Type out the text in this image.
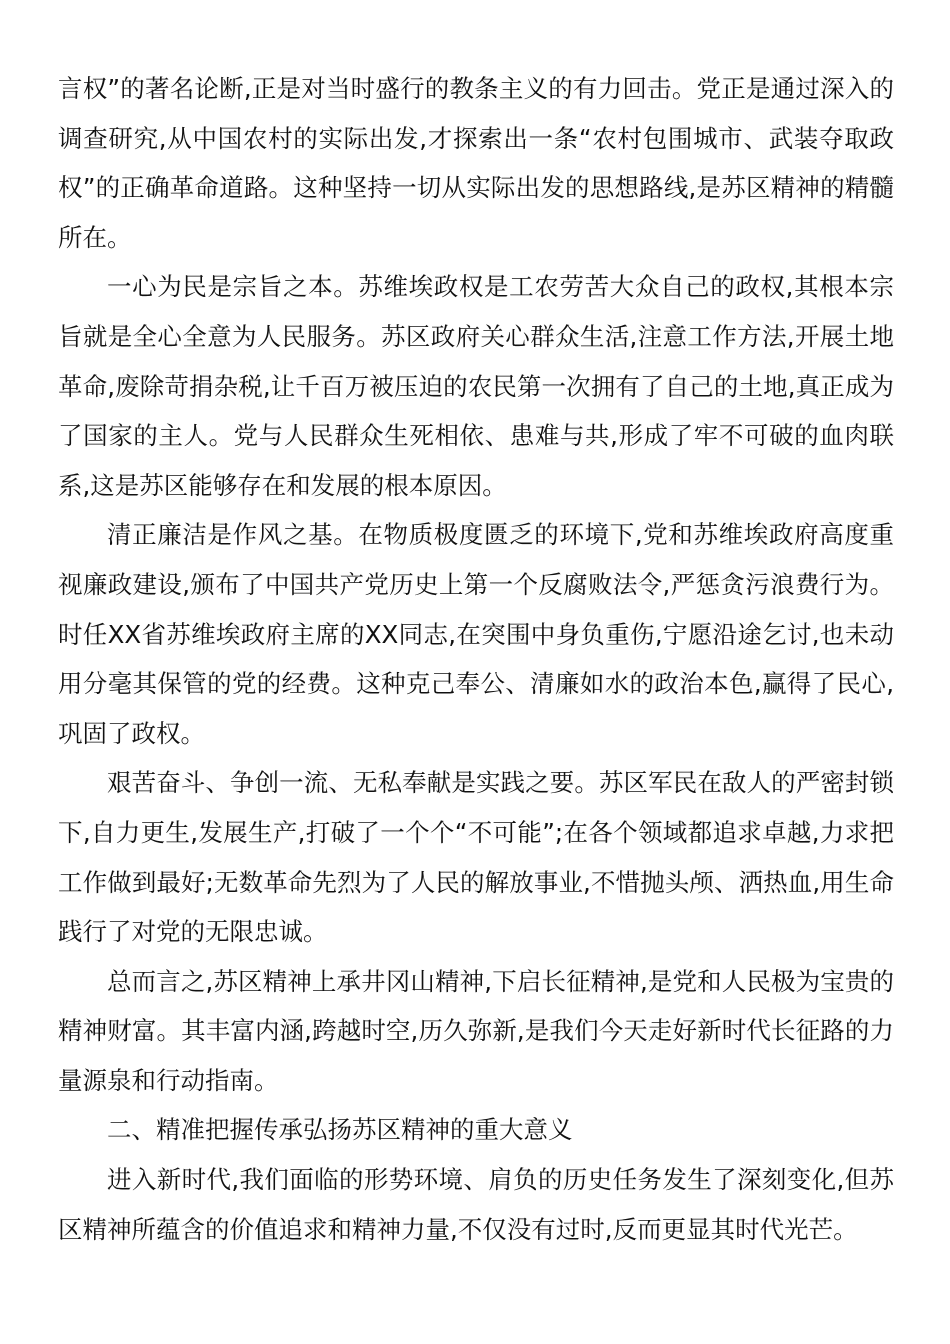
言权”的著名论断,正是对当时盛行的教条主义的有力回击。党正是通过深入的调查研究,从中国农村的实际出发,才探索出一条“农村包围城市、武装夺取政权”的正确革命道路。这种坚持一切从实际出发的思想路线,是苏区精神的精髓所在。

一心为民是宗旨之本。苏维埃政权是工农劳苦大众自己的政权,其根本宗旨就是全心全意为人民服务。苏区政府关心群众生活,注意工作方法,开展土地革命,废除苛捐杂税,让千百万被压迫的农民第一次拥有了自己的土地,真正成为了国家的主人。党与人民群众生死相依、患难与共,形成了牢不可破的血肉联系,这是苏区能够存在和发展的根本原因。

清正廉洁是作风之基。在物质极度匮乏的环境下,党和苏维埃政府高度重视廉政建设,颁布了中国共产党历史上第一个反腐败法令,严惩贪污浪费行为。时任XX省苏维埃政府主席的XX同志,在突围中身负重伤,宁愿沿途乞讨,也未动用分毫其保管的党的经费。这种克己奉公、清廉如水的政治本色,赢得了民心,巩固了政权。

艰苦奋斗、争创一流、无私奉献是实践之要。苏区军民在敌人的严密封锁下,自力更生,发展生产,打破了一个个“不可能”;在各个领域都追求卓越,力求把工作做到最好;无数革命先烈为了人民的解放事业,不惜抛头颅、洒热血,用生命践行了对党的无限忠诚。

总而言之,苏区精神上承井冈山精神,下启长征精神,是党和人民极为宝贵的精神财富。其丰富内涵,跨越时空,历久弥新,是我们今天走好新时代长征路的力量源泉和行动指南。

二、精准把握传承弘扬苏区精神的重大意义

进入新时代,我们面临的形势环境、肩负的历史任务发生了深刻变化,但苏区精神所蕴含的价值追求和精神力量,不仅没有过时,反而更显其时代光芒。
